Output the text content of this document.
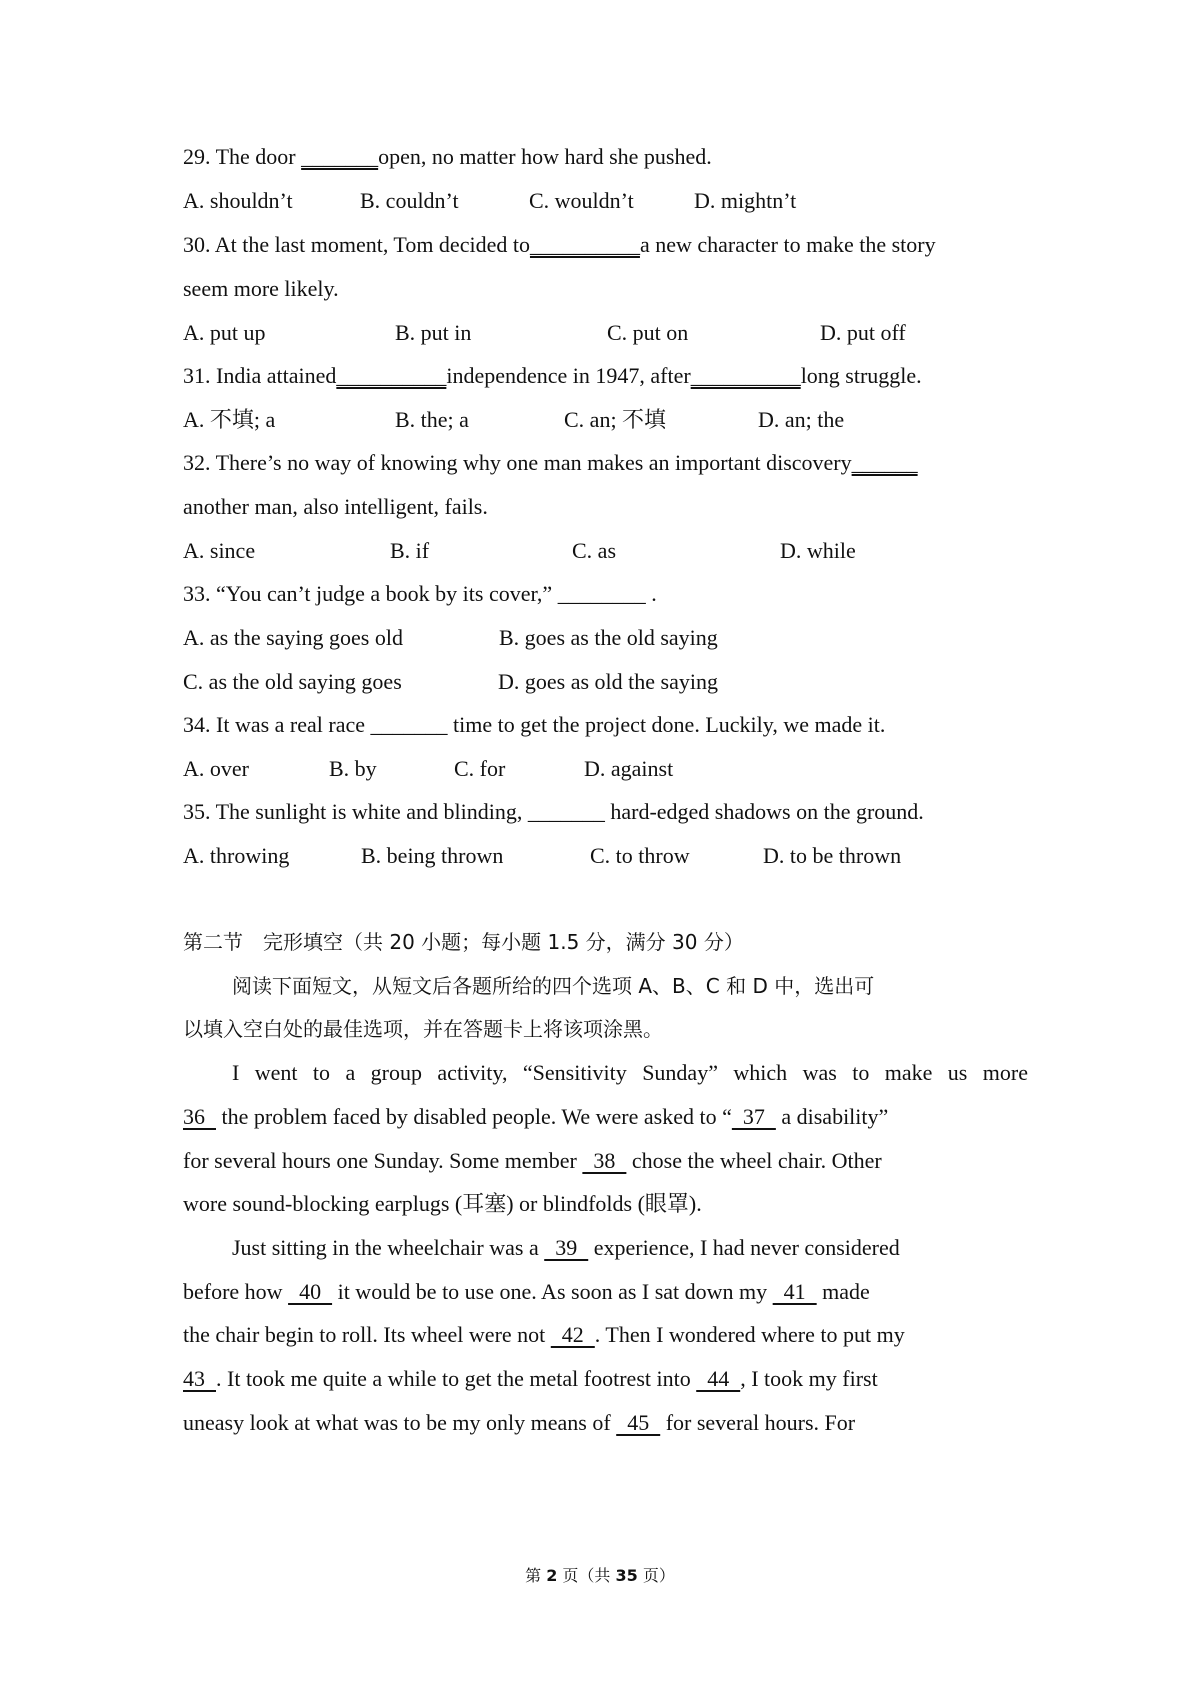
29. The door _______open, no matter how hard she pushed.
A. shouldn’t	B. couldn’t	C. wouldn’t	D. mightn’t
30. At the last moment, Tom decided to__________a new character to make the story
seem more likely.
A. put up	B. put in	C. put on	D. put off
31. India attained__________independence in 1947, after__________long struggle.
A. 不填; a	B. the; a	C. an; 不填	D. an; the
32. There’s no way of knowing why one man makes an important discovery______
another man, also intelligent, fails.
A. since	B. if	C. as	D. while
33. “You can’t judge a book by its cover,” ________ .
A. as the saying goes old	B. goes as the old saying
C. as the old saying goes	D. goes as old the saying
34. It was a real race _______ time to get the project done. Luckily, we made it.
A. over	B. by	C. for	D. against
35. The sunlight is white and blinding, _______ hard-edged shadows on the ground.
A. throwing	B. being thrown	C. to throw	D. to be thrown
第二节　完形填空（共 20 小题；每小题 1.5 分，满分 30 分）
阅读下面短文，从短文后各题所给的四个选项 A、B、C 和 D 中，选出可
以填入空白处的最佳选项，并在答题卡上将该项涂黑。
I went to a group activity, “Sensitivity Sunday” which was to make us more
36   the problem faced by disabled people. We were asked to “  37   a disability”
for several hours one Sunday. Some member   38   chose the wheel chair. Other
wore sound-blocking earplugs (耳塞) or blindfolds (眼罩).
Just sitting in the wheelchair was a   39   experience, I had never considered
before how   40   it would be to use one. As soon as I sat down my   41   made
the chair begin to roll. Its wheel were not   42  . Then I wondered where to put my
43  . It took me quite a while to get the metal footrest into   44  , I took my first
uneasy look at what was to be my only means of   45   for several hours. For
第 2 页（共 35 页）
